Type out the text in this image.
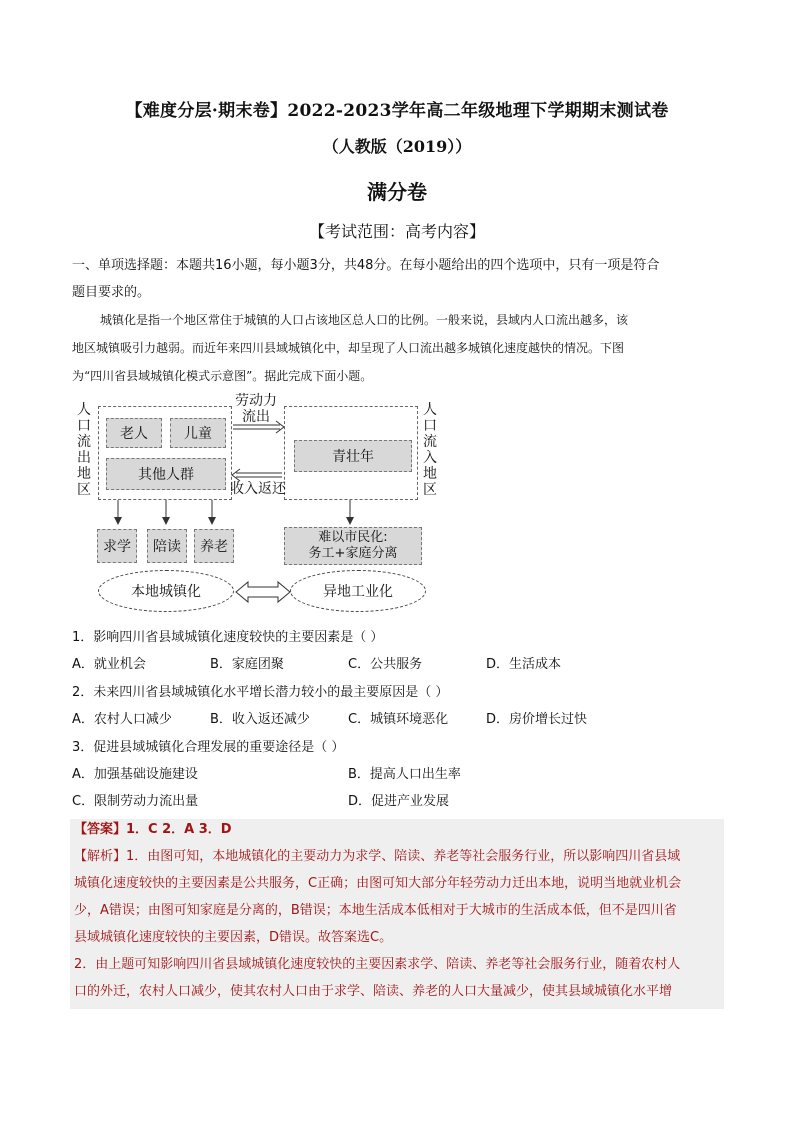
【难度分层·期末卷】2022-2023学年高二年级地理下学期期末测试卷
（人教版（2019））
满分卷
【考试范围：高考内容】
一、单项选择题：本题共16小题，每小题3分，共48分。在每小题给出的四个选项中，只有一项是符合
题目要求的。
城镇化是指一个地区常住于城镇的人口占该地区总人口的比例。一般来说，县域内人口流出越多，该
地区城镇吸引力越弱。而近年来四川县域城镇化中，却呈现了人口流出越多城镇化速度越快的情况。下图
为“四川省县域城镇化模式示意图”。据此完成下面小题。
人
口
流
出
地
区
人
口
流
入
地
区
老人	儿童
其他人群
青壮年
劳动力
流出
收入返还
求学	陪读	养老
难以市民化:
务工+家庭分离
本地城镇化	异地工业化
1．影响四川省县域城镇化速度较快的主要因素是（ ）
A．就业机会	B．家庭团聚	C．公共服务	D．生活成本
2．未来四川省县域城镇化水平增长潜力较小的最主要原因是（ ）
A．农村人口减少	B．收入返还减少	C．城镇环境恶化	D．房价增长过快
3．促进县域城镇化合理发展的重要途径是（ ）
A．加强基础设施建设	B．提高人口出生率
C．限制劳动力流出量	D．促进产业发展
【答案】1．C 2．A 3．D
【解析】1．由图可知，本地城镇化的主要动力为求学、陪读、养老等社会服务行业，所以影响四川省县域
城镇化速度较快的主要因素是公共服务，C正确；由图可知大部分年轻劳动力迁出本地，说明当地就业机会
少，A错误；由图可知家庭是分离的，B错误；本地生活成本低相对于大城市的生活成本低，但不是四川省
县域城镇化速度较快的主要因素，D错误。故答案选C。
2．由上题可知影响四川省县域城镇化速度较快的主要因素求学、陪读、养老等社会服务行业，随着农村人
口的外迁，农村人口减少，使其农村人口由于求学、陪读、养老的人口大量减少，使其县域城镇化水平增
